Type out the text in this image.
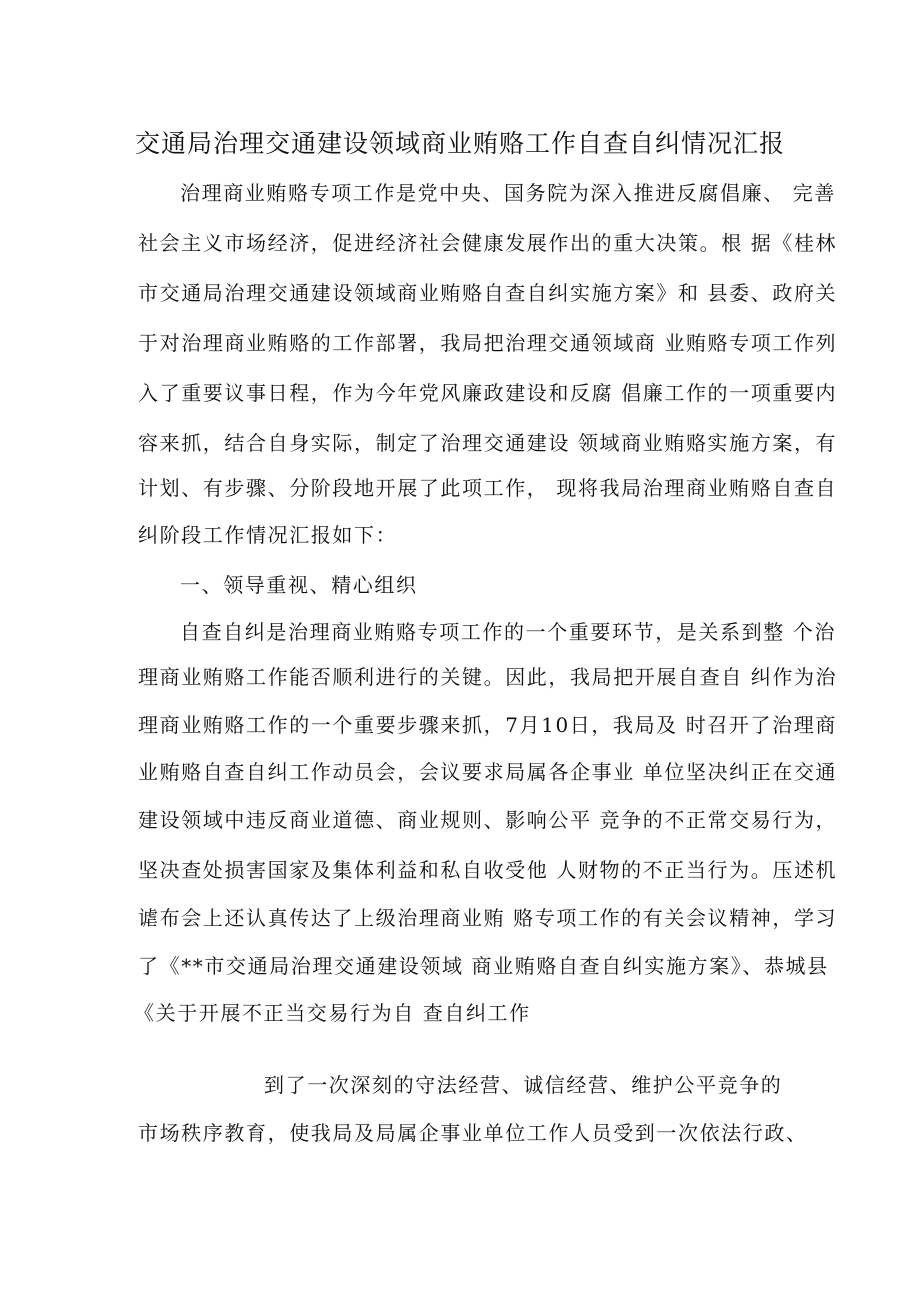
交通局治理交通建设领域商业贿赂工作自查自纠情况汇报
治理商业贿赂专项工作是党中央、国务院为深入推进反腐倡廉、 完善
社会主义市场经济，促进经济社会健康发展作出的重大决策。根 据《桂林
市交通局治理交通建设领域商业贿赂自查自纠实施方案》和 县委、政府关
于对治理商业贿赂的工作部署，我局把治理交通领域商 业贿赂专项工作列
入了重要议事日程，作为今年党风廉政建设和反腐 倡廉工作的一项重要内
容来抓，结合自身实际，制定了治理交通建设 领域商业贿赂实施方案，有
计划、有步骤、分阶段地开展了此项工作， 现将我局治理商业贿赂自查自
纠阶段工作情况汇报如下：
一、领导重视、精心组织
自查自纠是治理商业贿赂专项工作的一个重要环节，是关系到整 个治
理商业贿赂工作能否顺利进行的关键。因此，我局把开展自查自 纠作为治
理商业贿赂工作的一个重要步骤来抓，7月10日，我局及 时召开了治理商
业贿赂自查自纠工作动员会，会议要求局属各企事业 单位坚决纠正在交通
建设领域中违反商业道德、商业规则、影响公平 竞争的不正常交易行为，
坚决查处损害国家及集体利益和私自收受他 人财物的不正当行为。压述机
谑布会上还认真传达了上级治理商业贿 赂专项工作的有关会议精神，学习
了《**市交通局治理交通建设领域 商业贿赂自查自纠实施方案》、恭城县
《关于开展不正当交易行为自 查自纠工作
到了一次深刻的守法经营、诚信经营、维护公平竞争的
市场秩序教育，使我局及局属企事业单位工作人员受到一次依法行政、
